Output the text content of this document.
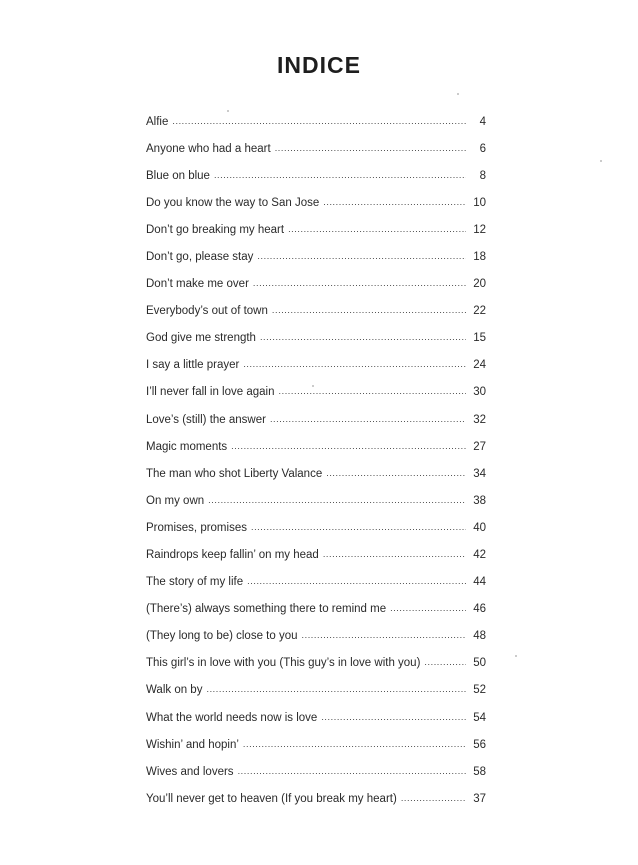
INDICE
Alfie .....	4
Anyone who had a heart .....	6
Blue on blue .....	8
Do you know the way to San Jose .....	10
Don’t go breaking my heart .....	12
Don’t go, please stay .....	18
Don’t make me over .....	20
Everybody’s out of town .....	22
God give me strength .....	15
I say a little prayer .....	24
I’ll never fall in love again .....	30
Love’s (still) the answer .....	32
Magic moments .....	27
The man who shot Liberty Valance .....	34
On my own .....	38
Promises, promises .....	40
Raindrops keep fallin’ on my head .....	42
The story of my life .....	44
(There’s) always something there to remind me .....	46
(They long to be) close to you .....	48
This girl’s in love with you (This guy’s in love with you) .....	50
Walk on by .....	52
What the world needs now is love .....	54
Wishin’ and hopin’ .....	56
Wives and lovers .....	58
You’ll never get to heaven (If you break my heart) .....	37
